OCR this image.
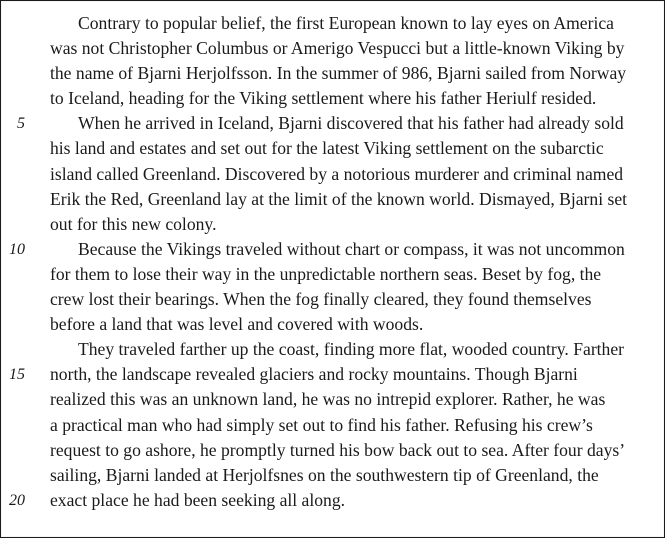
5
10
15
20
Contrary to popular belief, the first European known to lay eyes on America
was not Christopher Columbus or Amerigo Vespucci but a little-known Viking by
the name of Bjarni Herjolfsson. In the summer of 986, Bjarni sailed from Norway
to Iceland, heading for the Viking settlement where his father Heriulf resided.
When he arrived in Iceland, Bjarni discovered that his father had already sold
his land and estates and set out for the latest Viking settlement on the subarctic
island called Greenland. Discovered by a notorious murderer and criminal named
Erik the Red, Greenland lay at the limit of the known world. Dismayed, Bjarni set
out for this new colony.
Because the Vikings traveled without chart or compass, it was not uncommon
for them to lose their way in the unpredictable northern seas. Beset by fog, the
crew lost their bearings. When the fog finally cleared, they found themselves
before a land that was level and covered with woods.
They traveled farther up the coast, finding more flat, wooded country. Farther
north, the landscape revealed glaciers and rocky mountains. Though Bjarni
realized this was an unknown land, he was no intrepid explorer. Rather, he was
a practical man who had simply set out to find his father. Refusing his crew’s
request to go ashore, he promptly turned his bow back out to sea. After four days’
sailing, Bjarni landed at Herjolfsnes on the southwestern tip of Greenland, the
exact place he had been seeking all along.
